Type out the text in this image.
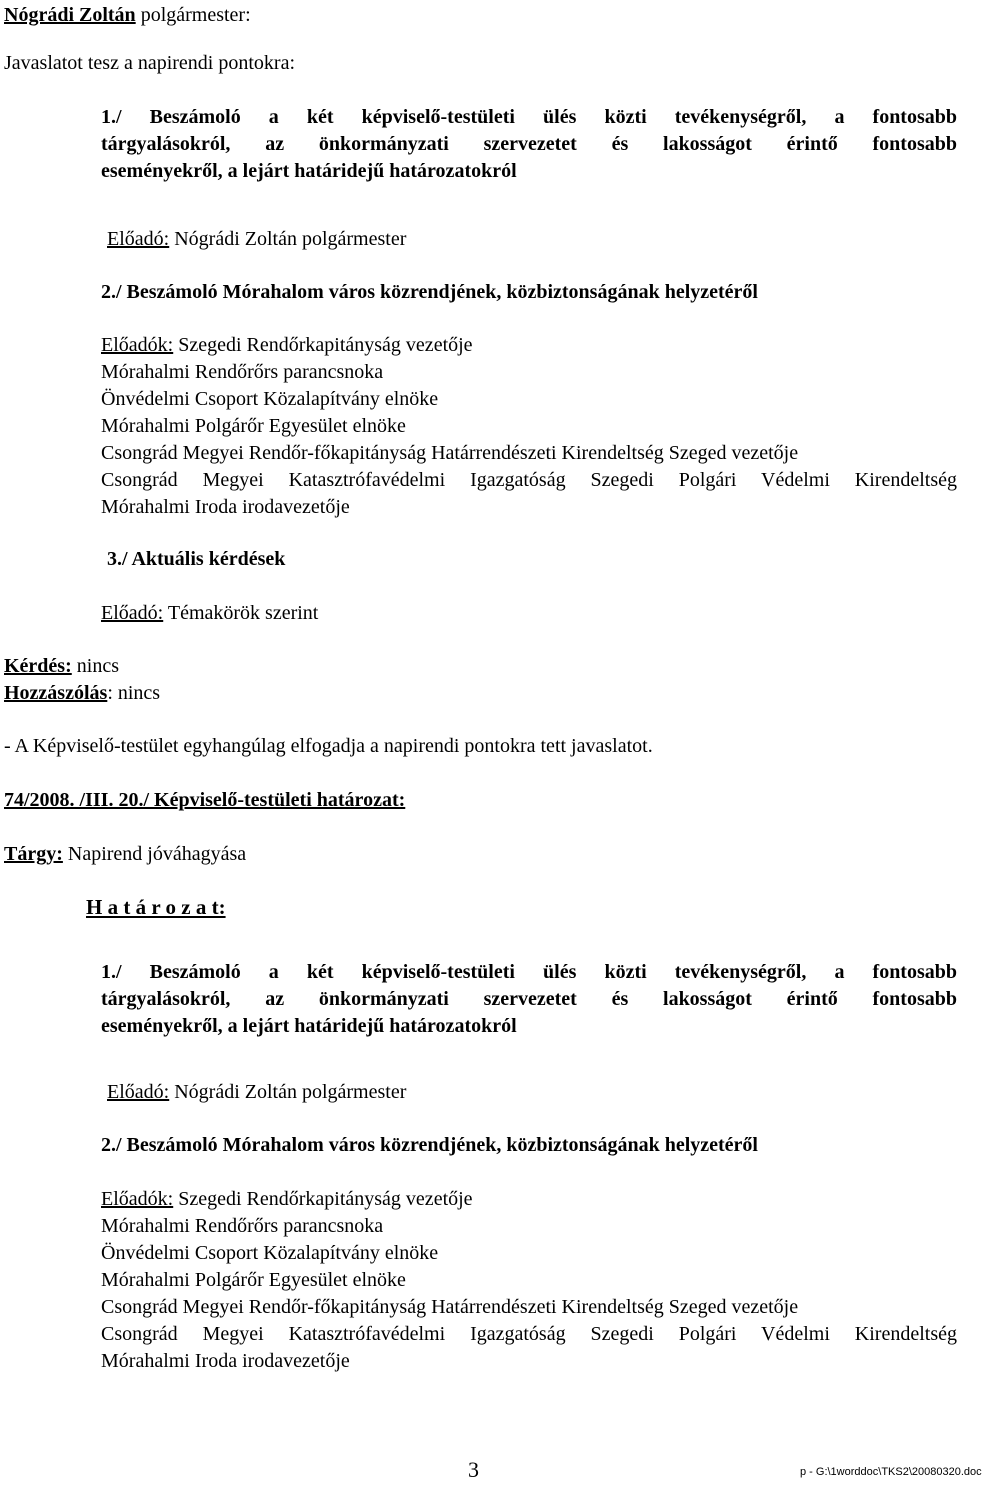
Nógrádi Zoltán polgármester:

Javaslatot tesz a napirendi pontokra:

1./ Beszámoló a két képviselő-testületi ülés közti tevékenységről, a fontosabb
tárgyalásokról, az önkormányzati szervezetet és lakosságot érintő fontosabb
eseményekről, a lejárt határidejű határozatokról

Előadó: Nógrádi Zoltán polgármester

2./ Beszámoló Mórahalom város közrendjének, közbiztonságának helyzetéről

Előadók: Szegedi Rendőrkapitányság vezetője
Mórahalmi Rendőrőrs parancsnoka
Önvédelmi Csoport Közalapítvány elnöke
Mórahalmi Polgárőr Egyesület elnöke
Csongrád Megyei Rendőr-főkapitányság Határrendészeti Kirendeltség Szeged vezetője
Csongrád Megyei Katasztrófavédelmi Igazgatóság Szegedi Polgári Védelmi Kirendeltség
Mórahalmi Iroda irodavezetője

3./ Aktuális kérdések

Előadó: Témakörök szerint

Kérdés: nincs

Hozzászólás: nincs

- A Képviselő-testület egyhangúlag elfogadja a napirendi pontokra tett javaslatot.

74/2008. /III. 20./ Képviselő-testületi határozat:

Tárgy: Napirend jóváhagyása

H a t á r o z a t:

1./ Beszámoló a két képviselő-testületi ülés közti tevékenységről, a fontosabb
tárgyalásokról, az önkormányzati szervezetet és lakosságot érintő fontosabb
eseményekről, a lejárt határidejű határozatokról

Előadó: Nógrádi Zoltán polgármester

2./ Beszámoló Mórahalom város közrendjének, közbiztonságának helyzetéről

Előadók: Szegedi Rendőrkapitányság vezetője
Mórahalmi Rendőrőrs parancsnoka
Önvédelmi Csoport Közalapítvány elnöke
Mórahalmi Polgárőr Egyesület elnöke
Csongrád Megyei Rendőr-főkapitányság Határrendészeti Kirendeltség Szeged vezetője
Csongrád Megyei Katasztrófavédelmi Igazgatóság Szegedi Polgári Védelmi Kirendeltség
Mórahalmi Iroda irodavezetője
3	p - G:\1worddoc\TKS2\20080320.doc
